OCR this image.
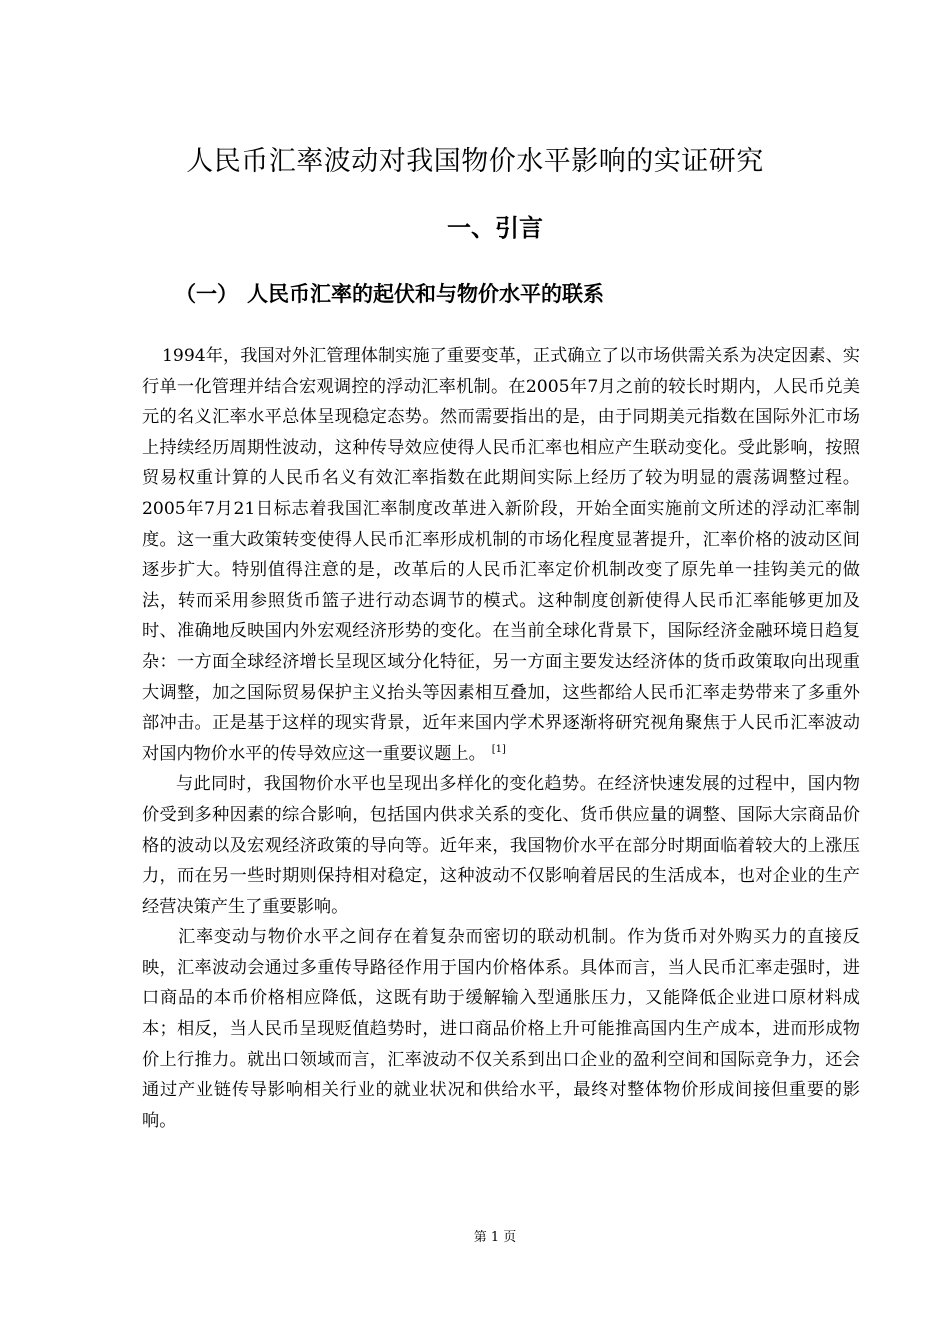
人民币汇率波动对我国物价水平影响的实证研究
一、引言
（一） 人民币汇率的起伏和与物价水平的联系

1994年，我国对外汇管理体制实施了重要变革，正式确立了以市场供需关系为决定因素、实行单一化管理并结合宏观调控的浮动汇率机制。在2005年7月之前的较长时期内，人民币兑美元的名义汇率水平总体呈现稳定态势。然而需要指出的是，由于同期美元指数在国际外汇市场上持续经历周期性波动，这种传导效应使得人民币汇率也相应产生联动变化。受此影响，按照贸易权重计算的人民币名义有效汇率指数在此期间实际上经历了较为明显的震荡调整过程。2005年7月21日标志着我国汇率制度改革进入新阶段，开始全面实施前文所述的浮动汇率制度。这一重大政策转变使得人民币汇率形成机制的市场化程度显著提升，汇率价格的波动区间逐步扩大。特别值得注意的是，改革后的人民币汇率定价机制改变了原先单一挂钩美元的做法，转而采用参照货币篮子进行动态调节的模式。这种制度创新使得人民币汇率能够更加及时、准确地反映国内外宏观经济形势的变化。在当前全球化背景下，国际经济金融环境日趋复杂：一方面全球经济增长呈现区域分化特征，另一方面主要发达经济体的货币政策取向出现重大调整，加之国际贸易保护主义抬头等因素相互叠加，这些都给人民币汇率走势带来了多重外部冲击。正是基于这样的现实背景，近年来国内学术界逐渐将研究视角聚焦于人民币汇率波动对国内物价水平的传导效应这一重要议题上。 [1]

与此同时，我国物价水平也呈现出多样化的变化趋势。在经济快速发展的过程中，国内物价受到多种因素的综合影响，包括国内供求关系的变化、货币供应量的调整、国际大宗商品价格的波动以及宏观经济政策的导向等。近年来，我国物价水平在部分时期面临着较大的上涨压力，而在另一些时期则保持相对稳定，这种波动不仅影响着居民的生活成本，也对企业的生产经营决策产生了重要影响。

汇率变动与物价水平之间存在着复杂而密切的联动机制。作为货币对外购买力的直接反映，汇率波动会通过多重传导路径作用于国内价格体系。具体而言，当人民币汇率走强时，进口商品的本币价格相应降低，这既有助于缓解输入型通胀压力，又能降低企业进口原材料成本；相反，当人民币呈现贬值趋势时，进口商品价格上升可能推高国内生产成本，进而形成物价上行推力。就出口领域而言，汇率波动不仅关系到出口企业的盈利空间和国际竞争力，还会通过产业链传导影响相关行业的就业状况和供给水平，最终对整体物价形成间接但重要的影响。

第 1 页
